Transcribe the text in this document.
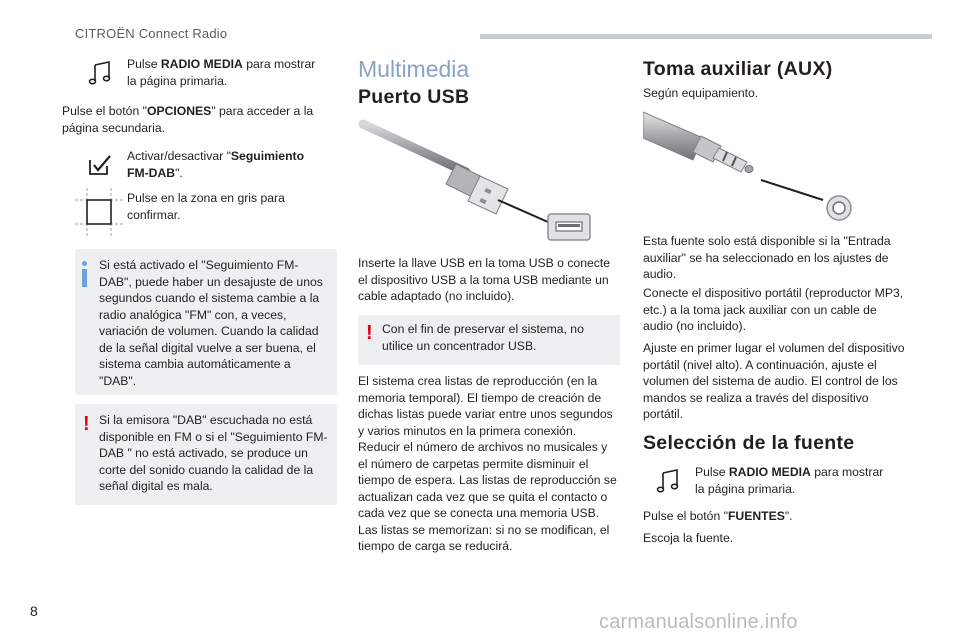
CITROËN Connect Radio
Pulse RADIO MEDIA para mostrar la página primaria.

Pulse el botón "OPCIONES" para acceder a la página secundaria.

Activar/desactivar "Seguimiento FM-DAB".
Pulse en la zona en gris para confirmar.
Si está activado el "Seguimiento FM-DAB", puede haber un desajuste de unos segundos cuando el sistema cambie a la radio analógica "FM" con, a veces, variación de volumen. Cuando la calidad de la señal digital vuelve a ser buena, el sistema cambia automáticamente a "DAB".
! Si la emisora "DAB" escuchada no está disponible en FM o si el "Seguimiento FM-DAB " no está activado, se produce un corte del sonido cuando la calidad de la señal digital es mala.
Multimedia
Puerto USB

Inserte la llave USB en la toma USB o conecte el dispositivo USB a la toma USB mediante un cable adaptado (no incluido).

! Con el fin de preservar el sistema, no utilice un concentrador USB.

El sistema crea listas de reproducción (en la memoria temporal). El tiempo de creación de dichas listas puede variar entre unos segundos y varios minutos en la primera conexión. Reducir el número de archivos no musicales y el número de carpetas permite disminuir el tiempo de espera. Las listas de reproducción se actualizan cada vez que se quita el contacto o cada vez que se conecta una memoria USB. Las listas se memorizan: si no se modifican, el tiempo de carga se reducirá.

Toma auxiliar (AUX)

Según equipamiento.

Esta fuente solo está disponible si la "Entrada auxiliar" se ha seleccionado en los ajustes de audio.

Conecte el dispositivo portátil (reproductor MP3, etc.) a la toma jack auxiliar con un cable de audio (no incluido).

Ajuste en primer lugar el volumen del dispositivo portátil (nivel alto). A continuación, ajuste el volumen del sistema de audio. El control de los mandos se realiza a través del dispositivo portátil.

Selección de la fuente
Pulse RADIO MEDIA para mostrar la página primaria.

Pulse el botón "FUENTES".

Escoja la fuente.

8	carmanualsonline.info
